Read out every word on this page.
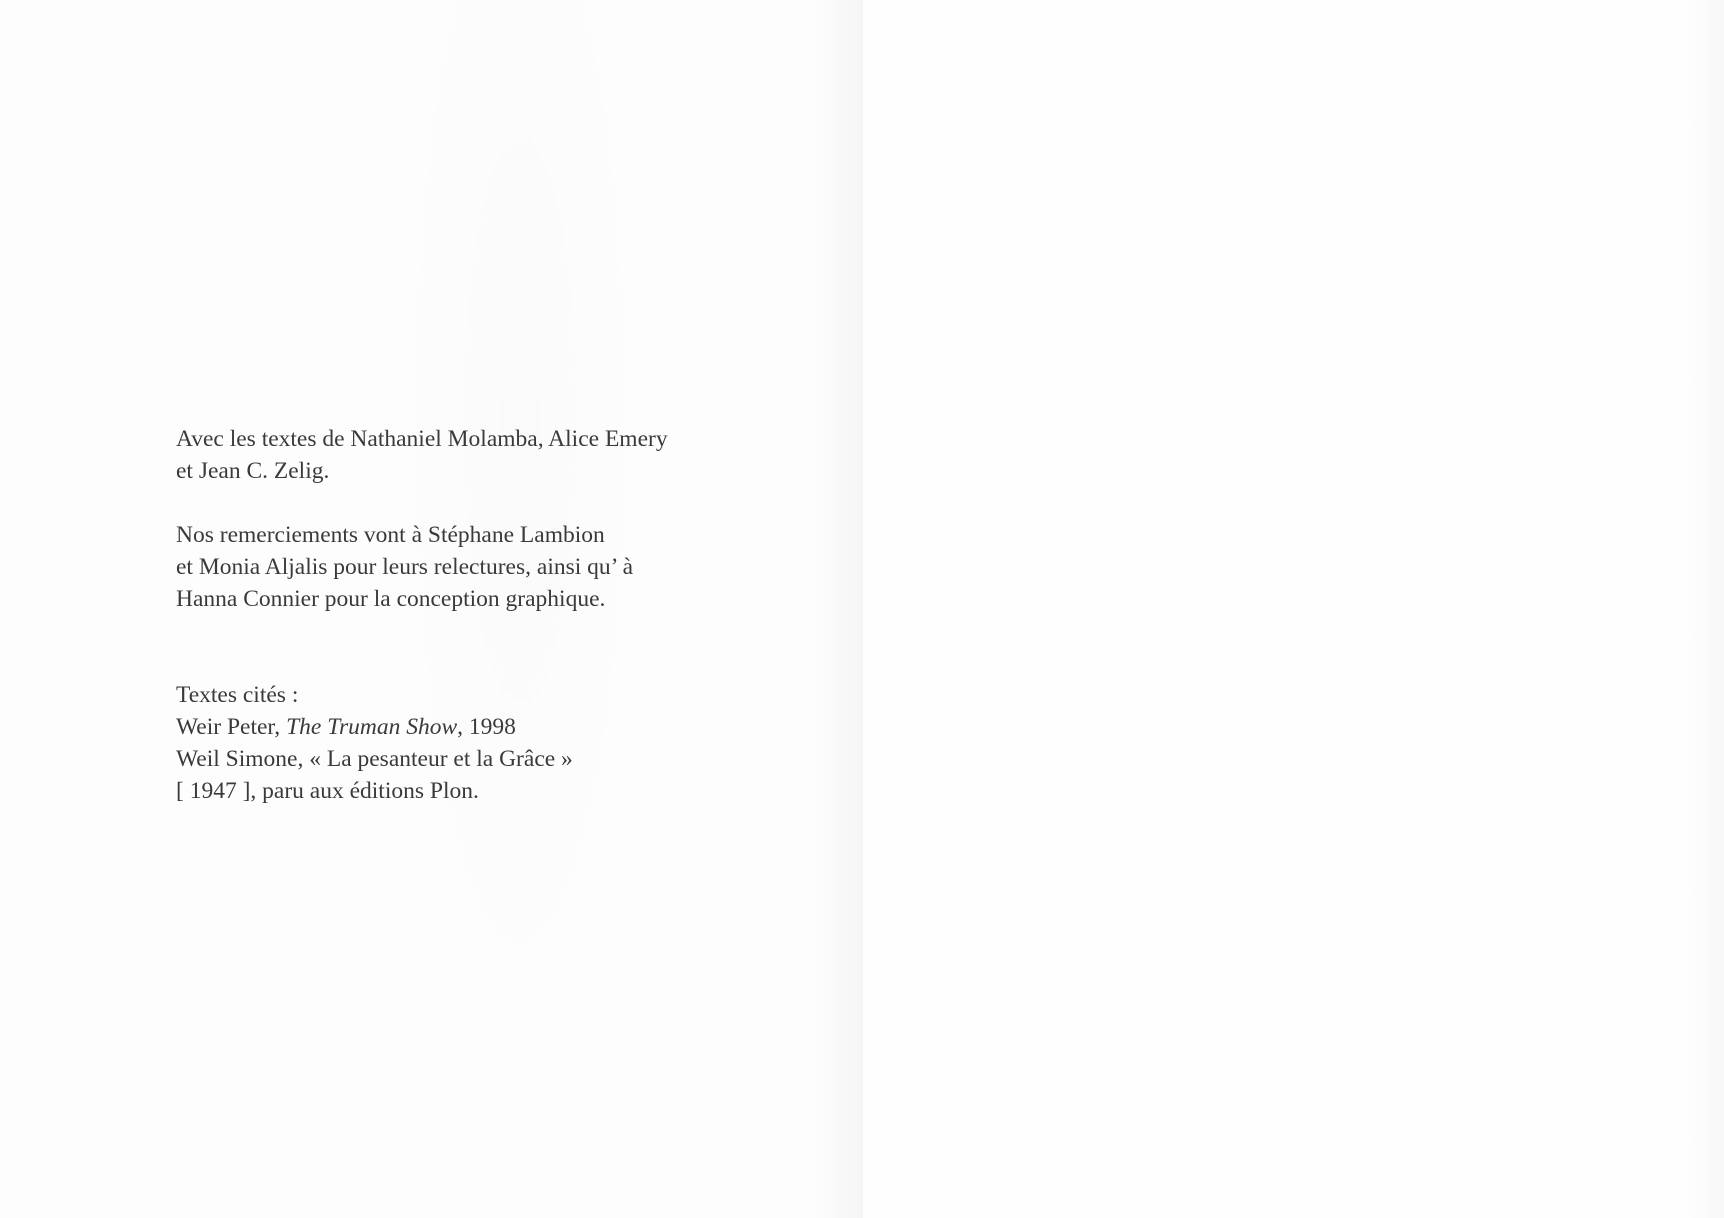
Avec les textes de Nathaniel Molamba, Alice Emery
et Jean C. Zelig.
Nos remerciements vont à Stéphane Lambion
et Monia Aljalis pour leurs relectures, ainsi qu’ à
Hanna Connier pour la conception graphique.
Textes cités :
Weir Peter, The Truman Show, 1998
Weil Simone, « La pesanteur et la Grâce »
[ 1947 ], paru aux éditions Plon.
